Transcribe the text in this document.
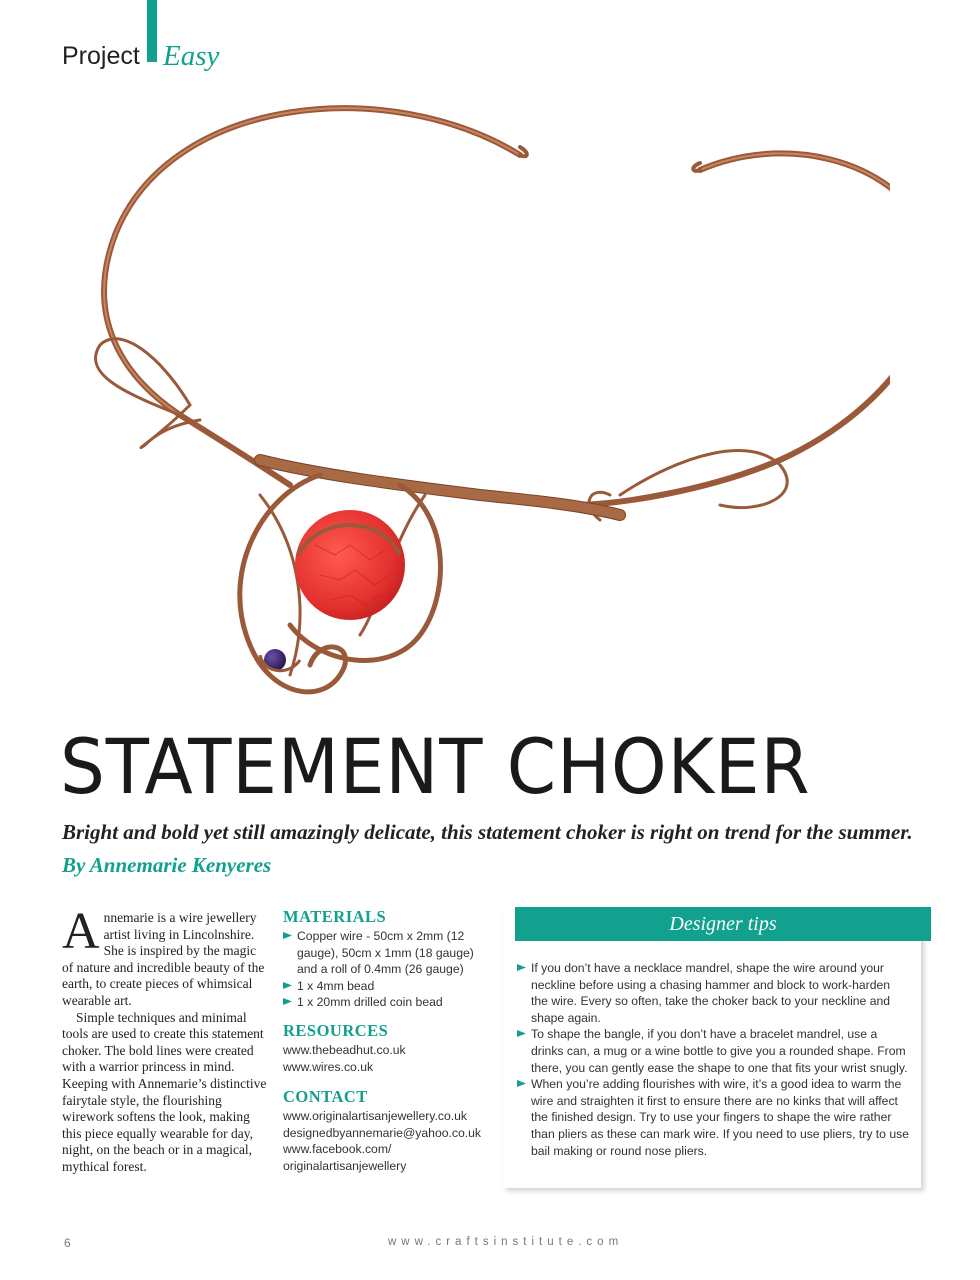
Project Easy
STATEMENT CHOKER
Bright and bold yet still amazingly delicate, this statement choker is right on trend for the summer.
By Annemarie Kenyeres

Annemarie is a wire jewellery artist living in Lincolnshire. She is inspired by the magic of nature and incredible beauty of the earth, to create pieces of whimsical wearable art.

Simple techniques and minimal tools are used to create this statement choker. The bold lines were created with a warrior princess in mind. Keeping with Annemarie’s distinctive fairytale style, the flourishing wirework softens the look, making this piece equally wearable for day, night, on the beach or in a magical, mythical forest.

MATERIALS
Copper wire - 50cm x 2mm (12 gauge), 50cm x 1mm (18 gauge) and a roll of 0.4mm (26 gauge)
1 x 4mm bead
1 x 20mm drilled coin bead
RESOURCES
www.thebeadhut.co.uk
www.wires.co.uk
CONTACT
www.originalartisanjewellery.co.uk
designedbyannemarie@yahoo.co.uk
www.facebook.com/
originalartisanjewellery
Designer tips
If you don’t have a necklace mandrel, shape the wire around your neckline before using a chasing hammer and block to work-harden the wire. Every so often, take the choker back to your neckline and shape again.
To shape the bangle, if you don’t have a bracelet mandrel, use a drinks can, a mug or a wine bottle to give you a rounded shape. From there, you can gently ease the shape to one that fits your wrist snugly.
When you’re adding flourishes with wire, it’s a good idea to warm the wire and straighten it first to ensure there are no kinks that will affect the finished design. Try to use your fingers to shape the wire rather than pliers as these can mark wire. If you need to use pliers, try to use bail making or round nose pliers.
6	www.craftsinstitute.com
